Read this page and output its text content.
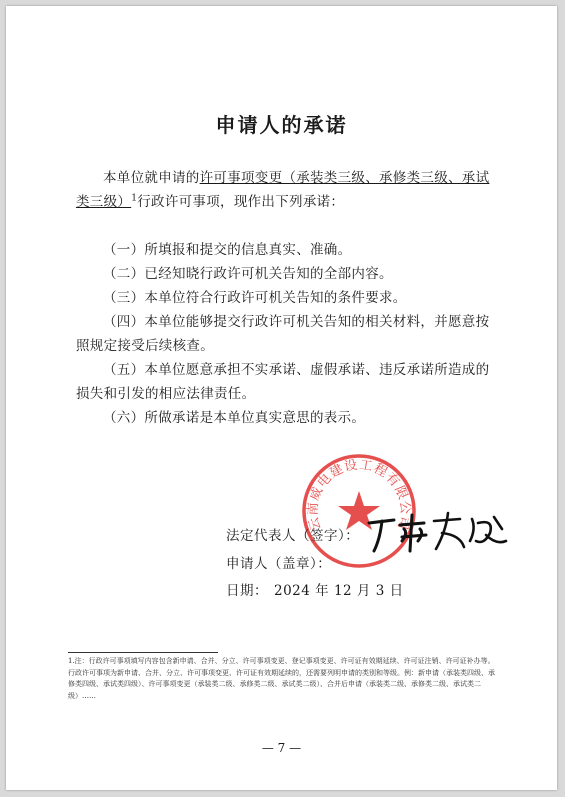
申请人的承诺
本单位就申请的许可事项变更（承装类三级、承修类三级、承试类三级）$^1$行政许可事项，现作出下列承诺：
（一）所填报和提交的信息真实、准确。
（二）已经知晓行政许可机关告知的全部内容。
（三）本单位符合行政许可机关告知的条件要求。
（四）本单位能够提交行政许可机关告知的相关材料，并愿意按照规定接受后续核查。
（五）本单位愿意承担不实承诺、虚假承诺、违反承诺所造成的损失和引发的相应法律责任。
（六）所做承诺是本单位真实意思的表示。
云南威电建设工程有限公司
法定代表人（签字）：
申请人（盖章）：
日期： 2024 年 12 月 3 日
1.注：行政许可事项填写内容包含新申请、合并、分立、许可事项变更、登记事项变更、许可证有效期延续、许可证注销、许可证补办等。行政许可事项为新申请、合并、分立、许可事项变更、许可证有效期延续的，还需要列明申请的类别和等级。例：新申请（承装类四级、承修类四级、承试类四级）、许可事项变更（承装类二级、承修类二级、承试类二级）、合并后申请（承装类二级、承修类二级、承试类二级）……
— 7 —
